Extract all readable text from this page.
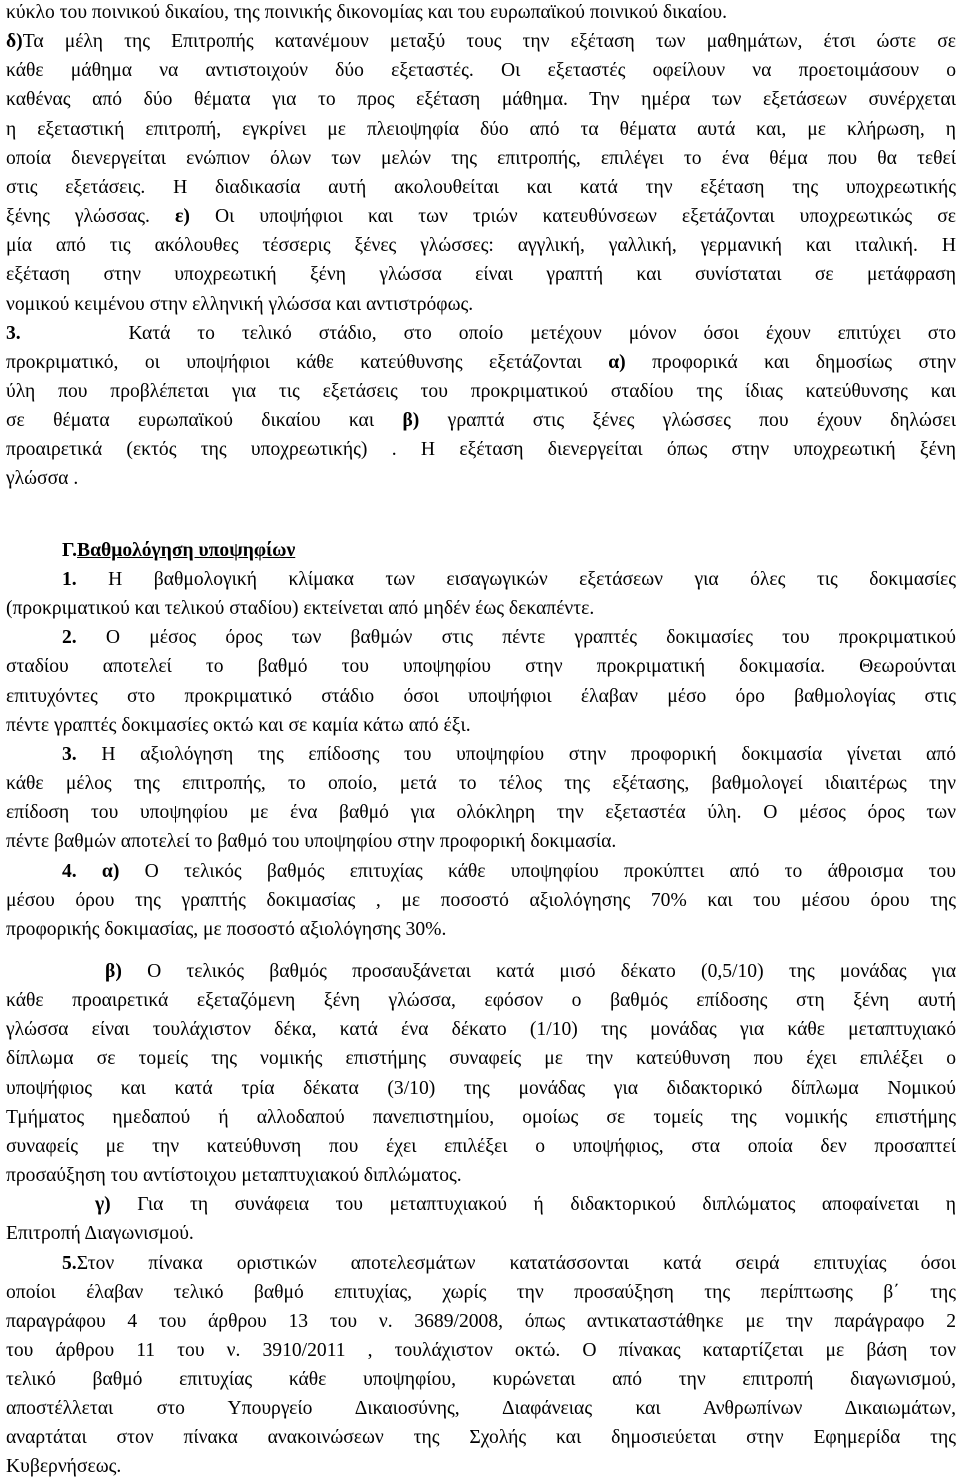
κύκλο του ποινικού δικαίου, της ποινικής δικονομίας και του ευρωπαϊκού ποινικού δικαίου.
δ)Τα μέλη της Επιτροπής κατανέμουν μεταξύ τους την εξέταση των μαθημάτων, έτσι ώστε σε
κάθε μάθημα να αντιστοιχούν δύο εξεταστές. Οι εξεταστές οφείλουν να προετοιμάσουν ο
καθένας από δύο θέματα για το προς εξέταση μάθημα. Την ημέρα των εξετάσεων συνέρχεται
η εξεταστική επιτροπή, εγκρίνει με πλειοψηφία δύο από τα θέματα αυτά και, με κλήρωση, η
οποία διενεργείται ενώπιον όλων των μελών της επιτροπής, επιλέγει το ένα θέμα που θα τεθεί
στις εξετάσεις. Η διαδικασία αυτή ακολουθείται και κατά την εξέταση της υποχρεωτικής
ξένης γλώσσας. ε) Οι υποψήφιοι και των τριών κατευθύνσεων εξετάζονται υποχρεωτικώς σε
μία από τις ακόλουθες τέσσερις ξένες γλώσσες: αγγλική, γαλλική, γερμανική και ιταλική. Η
εξέταση στην υποχρεωτική ξένη γλώσσα είναι γραπτή και συνίσταται σε μετάφραση
νομικού κειμένου στην ελληνική γλώσσα και αντιστρόφως.
3.	Κατά το τελικό στάδιο, στο οποίο μετέχουν μόνον όσοι έχουν επιτύχει στο
προκριματικό, οι υποψήφιοι κάθε κατεύθυνσης εξετάζονται α) προφορικά και δημοσίως στην
ύλη που προβλέπεται για τις εξετάσεις του προκριματικού σταδίου της ίδιας κατεύθυνσης και
σε θέματα ευρωπαϊκού δικαίου και β) γραπτά στις ξένες γλώσσες που έχουν δηλώσει
προαιρετικά (εκτός της υποχρεωτικής) . Η εξέταση διενεργείται όπως στην υποχρεωτική ξένη
γλώσσα .
Γ.Βαθμολόγηση υποψηφίων
1. Η βαθμολογική κλίμακα των εισαγωγικών εξετάσεων για όλες τις δοκιμασίες
(προκριματικού και τελικού σταδίου) εκτείνεται από μηδέν έως δεκαπέντε.
2. Ο μέσος όρος των βαθμών στις πέντε γραπτές δοκιμασίες του προκριματικού
σταδίου αποτελεί το βαθμό του υποψηφίου στην προκριματική δοκιμασία. Θεωρούνται
επιτυχόντες στο προκριματικό στάδιο όσοι υποψήφιοι έλαβαν μέσο όρο βαθμολογίας στις
πέντε γραπτές δοκιμασίες οκτώ και σε καμία κάτω από έξι.
3. Η αξιολόγηση της επίδοσης του υποψηφίου στην προφορική δοκιμασία γίνεται από
κάθε μέλος της επιτροπής, το οποίο, μετά το τέλος της εξέτασης, βαθμολογεί ιδιαιτέρως την
επίδοση του υποψηφίου με ένα βαθμό για ολόκληρη την εξεταστέα ύλη. Ο μέσος όρος των
πέντε βαθμών αποτελεί το βαθμό του υποψηφίου στην προφορική δοκιμασία.
4. α) Ο τελικός βαθμός επιτυχίας κάθε υποψηφίου προκύπτει από το άθροισμα του
μέσου όρου της γραπτής δοκιμασίας , με ποσοστό αξιολόγησης 70% και του μέσου όρου της
προφορικής δοκιμασίας, με ποσοστό αξιολόγησης 30%.
β) Ο τελικός βαθμός προσαυξάνεται κατά μισό δέκατο (0,5/10) της μονάδας για
κάθε προαιρετικά εξεταζόμενη ξένη γλώσσα, εφόσον ο βαθμός επίδοσης στη ξένη αυτή
γλώσσα είναι τουλάχιστον δέκα, κατά ένα δέκατο (1/10) της μονάδας για κάθε μεταπτυχιακό
δίπλωμα σε τομείς της νομικής επιστήμης συναφείς με την κατεύθυνση που έχει επιλέξει ο
υποψήφιος και κατά τρία δέκατα (3/10) της μονάδας για διδακτορικό δίπλωμα Νομικού
Τμήματος ημεδαπού ή αλλοδαπού πανεπιστημίου, ομοίως σε τομείς της νομικής επιστήμης
συναφείς με την κατεύθυνση που έχει επιλέξει ο υποψήφιος, στα οποία δεν προσαπτεί
προσαύξηση του αντίστοιχου μεταπτυχιακού διπλώματος.
γ) Για τη συνάφεια του μεταπτυχιακού ή διδακτορικού διπλώματος αποφαίνεται η
Επιτροπή Διαγωνισμού.
5.Στον πίνακα οριστικών αποτελεσμάτων κατατάσσονται κατά σειρά επιτυχίας όσοι
οποίοι έλαβαν τελικό βαθμό επιτυχίας, χωρίς την προσαύξηση της περίπτωσης β΄ της
παραγράφου 4 του άρθρου 13 του ν. 3689/2008, όπως αντικαταστάθηκε με την παράγραφο 2
του άρθρου 11 του ν. 3910/2011 , τουλάχιστον οκτώ. Ο πίνακας καταρτίζεται με βάση τον
τελικό βαθμό επιτυχίας κάθε υποψηφίου, κυρώνεται από την επιτροπή διαγωνισμού,
αποστέλλεται στο Υπουργείο Δικαιοσύνης, Διαφάνειας και Ανθρωπίνων Δικαιωμάτων,
αναρτάται στον πίνακα ανακοινώσεων της Σχολής και δημοσιεύεται στην Εφημερίδα της
Κυβερνήσεως.
